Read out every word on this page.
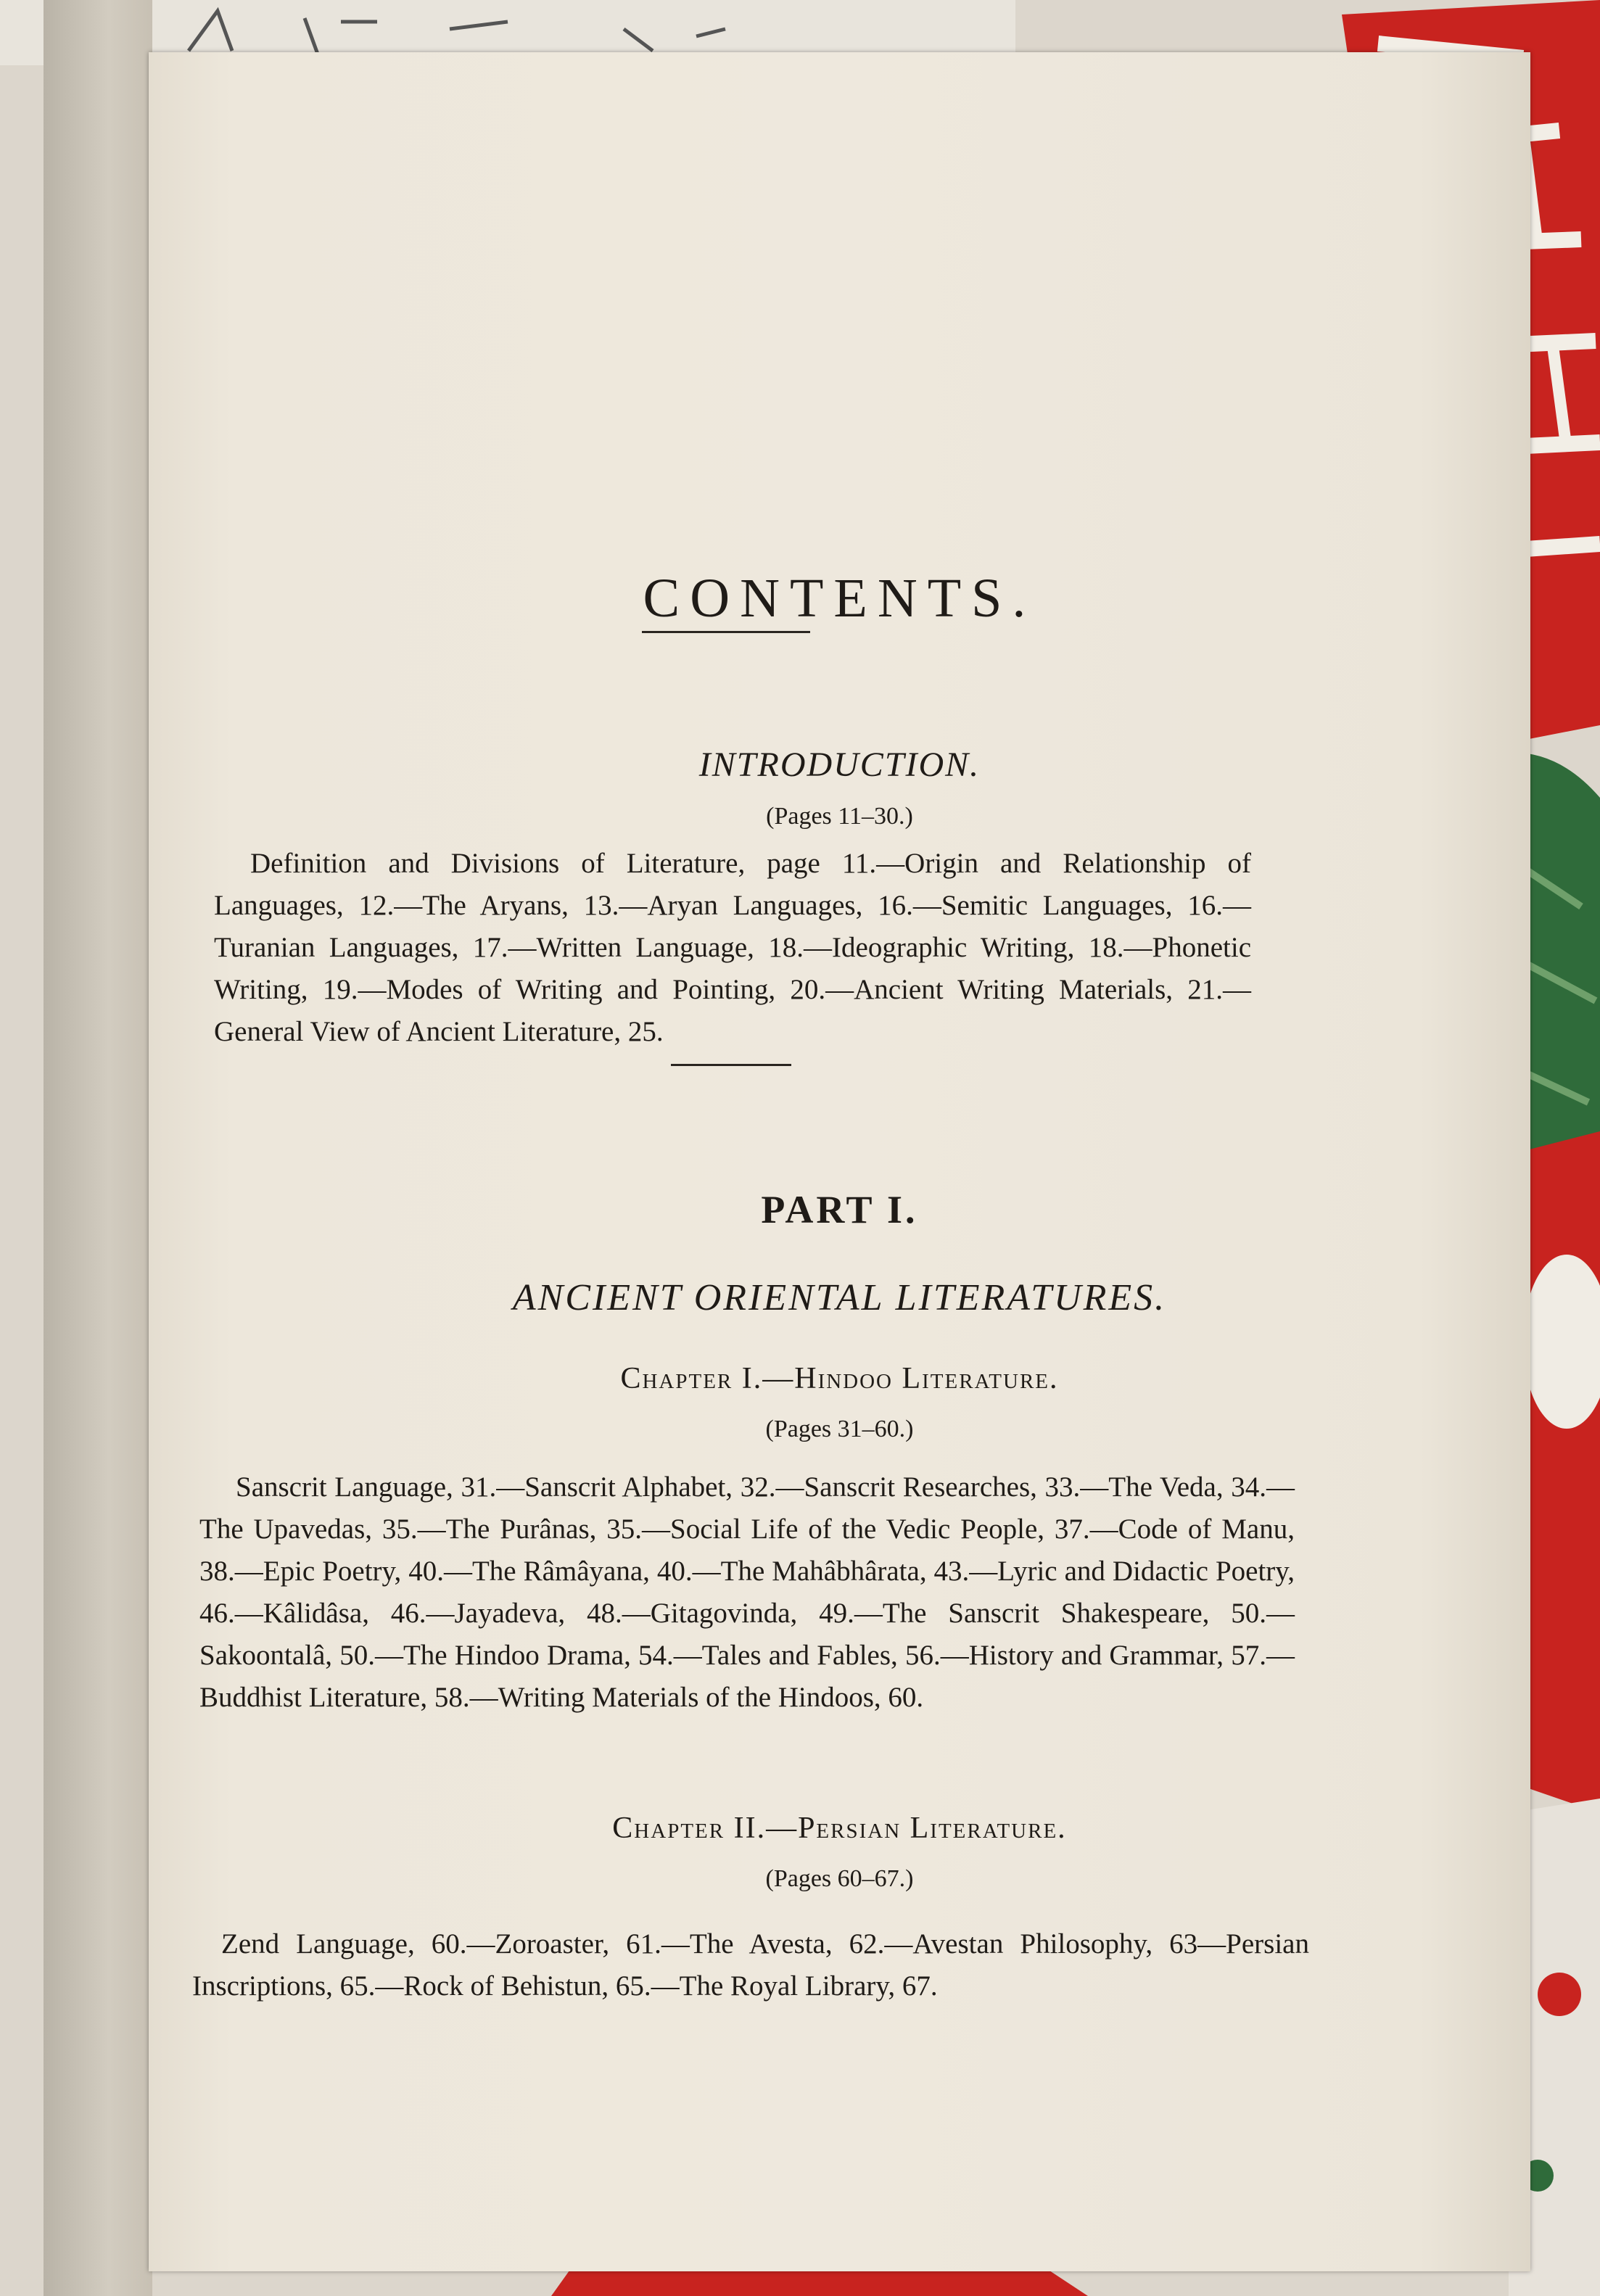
CONTENTS.
INTRODUCTION.
(Pages 11–30.)
Definition and Divisions of Literature, page 11.—Origin and Relationship of Languages, 12.—The Aryans, 13.—Aryan Languages, 16.—Semitic Languages, 16.—Turanian Languages, 17.—Written Language, 18.—Ideographic Writing, 18.—Phonetic Writing, 19.—Modes of Writing and Pointing, 20.—Ancient Writing Materials, 21.—General View of Ancient Literature, 25.
PART I.
ANCIENT ORIENTAL LITERATURES.
Chapter I.—Hindoo Literature.
(Pages 31–60.)
Sanscrit Language, 31.—Sanscrit Alphabet, 32.—Sanscrit Researches, 33.—The Veda, 34.—The Upavedas, 35.—The Purânas, 35.—Social Life of the Vedic People, 37.—Code of Manu, 38.—Epic Poetry, 40.—The Râmâyana, 40.—The Mahâbhârata, 43.—Lyric and Didactic Poetry, 46.—Kâlidâsa, 46.—Jayadeva, 48.—Gitagovinda, 49.—The Sanscrit Shakespeare, 50.—Sakoontalâ, 50.—The Hindoo Drama, 54.—Tales and Fables, 56.—History and Grammar, 57.—Buddhist Literature, 58.—Writing Materials of the Hindoos, 60.
Chapter II.—Persian Literature.
(Pages 60–67.)
Zend Language, 60.—Zoroaster, 61.—The Avesta, 62.—Avestan Philosophy, 63—Persian Inscriptions, 65.—Rock of Behistun, 65.—The Royal Library, 67.
